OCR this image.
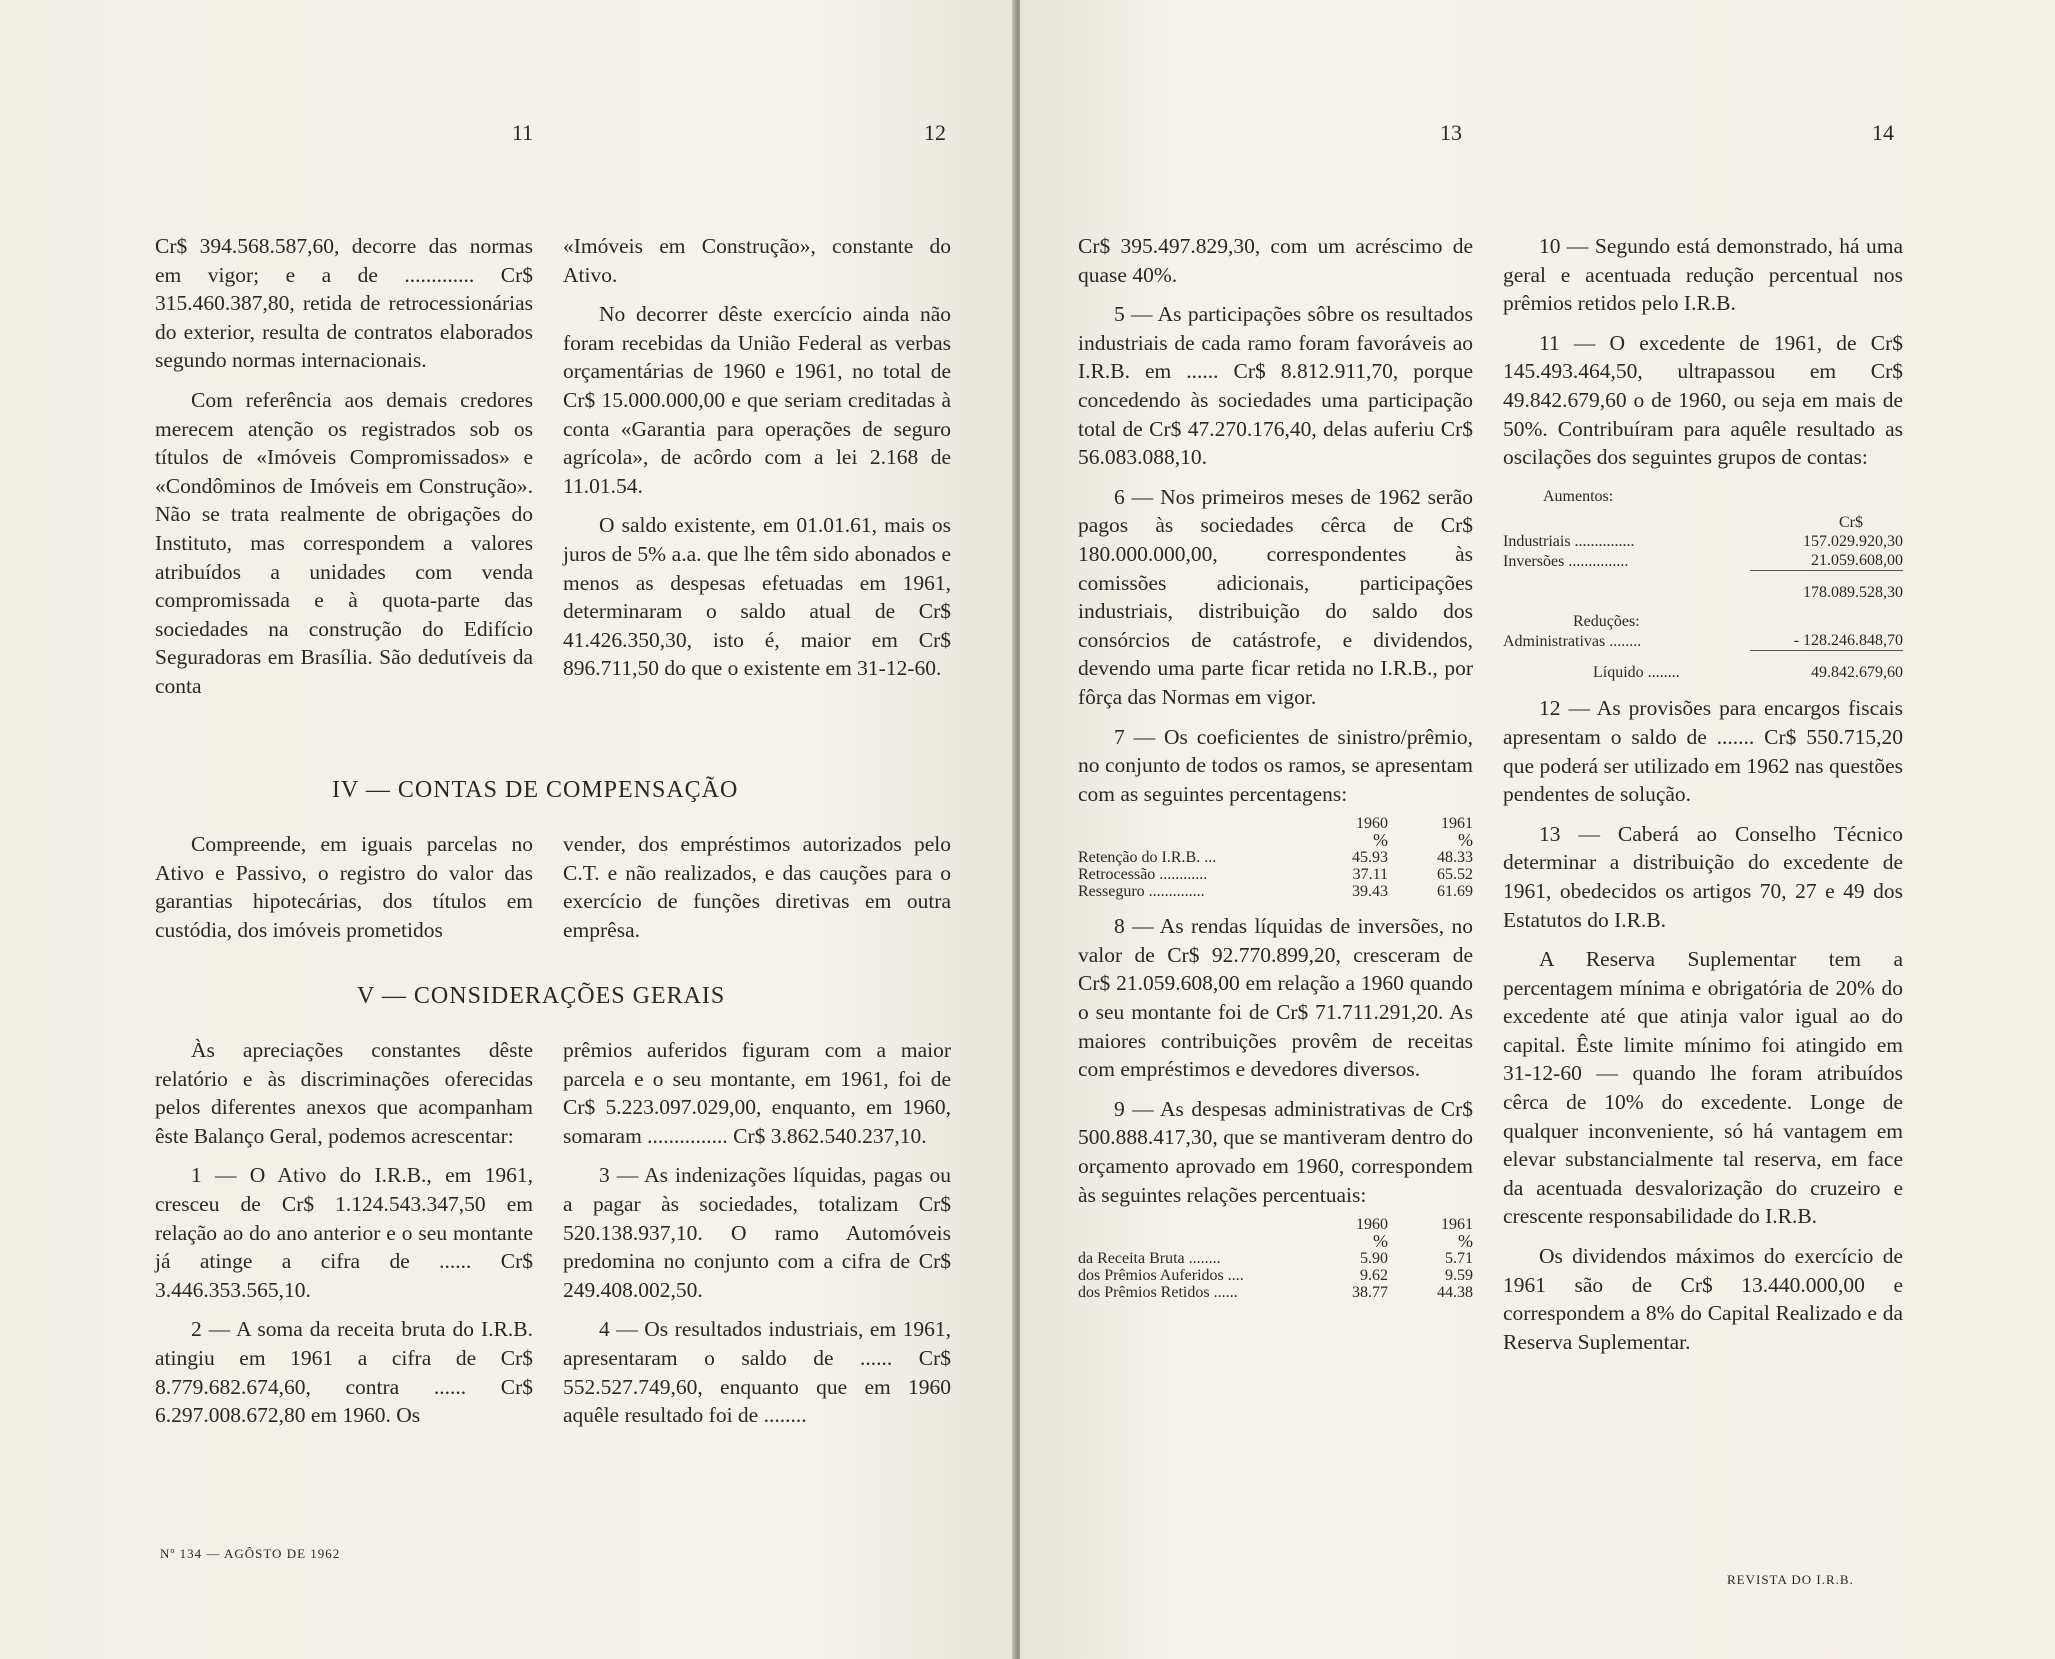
11	12

Cr$ 394.568.587,60, decorre das normas em vigor; e a de ............. Cr$ 315.460.387,80, retida de retrocessionárias do exterior, resulta de contratos elaborados segundo normas internacionais.

Com referência aos demais credores merecem atenção os registrados sob os títulos de «Imóveis Compromissados» e «Condôminos de Imóveis em Construção». Não se trata realmente de obrigações do Instituto, mas correspondem a valores atribuídos a unidades com venda compromissada e à quota-parte das sociedades na construção do Edifício Seguradoras em Brasília. São dedutíveis da conta

«Imóveis em Construção», constante do Ativo.

No decorrer dêste exercício ainda não foram recebidas da União Federal as verbas orçamentárias de 1960 e 1961, no total de Cr$ 15.000.000,00 e que seriam creditadas à conta «Garantia para operações de seguro agrícola», de acôrdo com a lei 2.168 de 11.01.54.

O saldo existente, em 01.01.61, mais os juros de 5% a.a. que lhe têm sido abonados e menos as despesas efetuadas em 1961, determinaram o saldo atual de Cr$ 41.426.350,30, isto é, maior em Cr$ 896.711,50 do que o existente em 31-12-60.

IV — CONTAS DE COMPENSAÇÃO

Compreende, em iguais parcelas no Ativo e Passivo, o registro do valor das garantias hipotecárias, dos títulos em custódia, dos imóveis prometidos

vender, dos empréstimos autorizados pelo C.T. e não realizados, e das cauções para o exercício de funções diretivas em outra emprêsa.

V — CONSIDERAÇÕES GERAIS

Às apreciações constantes dêste relatório e às discriminações oferecidas pelos diferentes anexos que acompanham êste Balanço Geral, podemos acrescentar:

1 — O Ativo do I.R.B., em 1961, cresceu de Cr$ 1.124.543.347,50 em relação ao do ano anterior e o seu montante já atinge a cifra de ...... Cr$ 3.446.353.565,10.

2 — A soma da receita bruta do I.R.B. atingiu em 1961 a cifra de Cr$ 8.779.682.674,60, contra ...... Cr$ 6.297.008.672,80 em 1960. Os

prêmios auferidos figuram com a maior parcela e o seu montante, em 1961, foi de Cr$ 5.223.097.029,00, enquanto, em 1960, somaram ............... Cr$ 3.862.540.237,10.

3 — As indenizações líquidas, pagas ou a pagar às sociedades, totalizam Cr$ 520.138.937,10. O ramo Automóveis predomina no conjunto com a cifra de Cr$ 249.408.002,50.

4 — Os resultados industriais, em 1961, apresentaram o saldo de ...... Cr$ 552.527.749,60, enquanto que em 1960 aquêle resultado foi de ........

Nº 134 — AGÔSTO DE 1962
13	14

Cr$ 395.497.829,30, com um acréscimo de quase 40%.

5 — As participações sôbre os resultados industriais de cada ramo foram favoráveis ao I.R.B. em ...... Cr$ 8.812.911,70, porque concedendo às sociedades uma participação total de Cr$ 47.270.176,40, delas auferiu Cr$ 56.083.088,10.

6 — Nos primeiros meses de 1962 serão pagos às sociedades cêrca de Cr$ 180.000.000,00, correspondentes às comissões adicionais, participações industriais, distribuição do saldo dos consórcios de catástrofe, e dividendos, devendo uma parte ficar retida no I.R.B., por fôrça das Normas em vigor.

7 — Os coeficientes de sinistro/prêmio, no conjunto de todos os ramos, se apresentam com as seguintes percentagens:

	1960	1961
	%	%
Retenção do I.R.B. ...	45.93	48.33
Retrocessão ............	37.11	65.52
Resseguro ..............	39.43	61.69

8 — As rendas líquidas de inversões, no valor de Cr$ 92.770.899,20, cresceram de Cr$ 21.059.608,00 em relação a 1960 quando o seu montante foi de Cr$ 71.711.291,20. As maiores contribuições provêm de receitas com empréstimos e devedores diversos.

9 — As despesas administrativas de Cr$ 500.888.417,30, que se mantiveram dentro do orçamento aprovado em 1960, correspondem às seguintes relações percentuais:

	1960	1961
	%	%
da Receita Bruta ........	5.90	5.71
dos Prêmios Auferidos ....	9.62	9.59
dos Prêmios Retidos ......	38.77	44.38

10 — Segundo está demonstrado, há uma geral e acentuada redução percentual nos prêmios retidos pelo I.R.B.

11 — O excedente de 1961, de Cr$ 145.493.464,50, ultrapassou em Cr$ 49.842.679,60 o de 1960, ou seja em mais de 50%. Contribuíram para aquêle resultado as oscilações dos seguintes grupos de contas:

Aumentos:
	Cr$
Industriais ...............	157.029.920,30
Inversões ...............	21.059.608,00
	178.089.528,30
Reduções:	
Administrativas ........	- 128.246.848,70
Líquido ........	49.842.679,60

12 — As provisões para encargos fiscais apresentam o saldo de ....... Cr$ 550.715,20 que poderá ser utilizado em 1962 nas questões pendentes de solução.

13 — Caberá ao Conselho Técnico determinar a distribuição do excedente de 1961, obedecidos os artigos 70, 27 e 49 dos Estatutos do I.R.B.

A Reserva Suplementar tem a percentagem mínima e obrigatória de 20% do excedente até que atinja valor igual ao do capital. Êste limite mínimo foi atingido em 31-12-60 — quando lhe foram atribuídos cêrca de 10% do excedente. Longe de qualquer inconveniente, só há vantagem em elevar substancialmente tal reserva, em face da acentuada desvalorização do cruzeiro e crescente responsabilidade do I.R.B.

Os dividendos máximos do exercício de 1961 são de Cr$ 13.440.000,00 e correspondem a 8% do Capital Realizado e da Reserva Suplementar.

REVISTA DO I.R.B.
